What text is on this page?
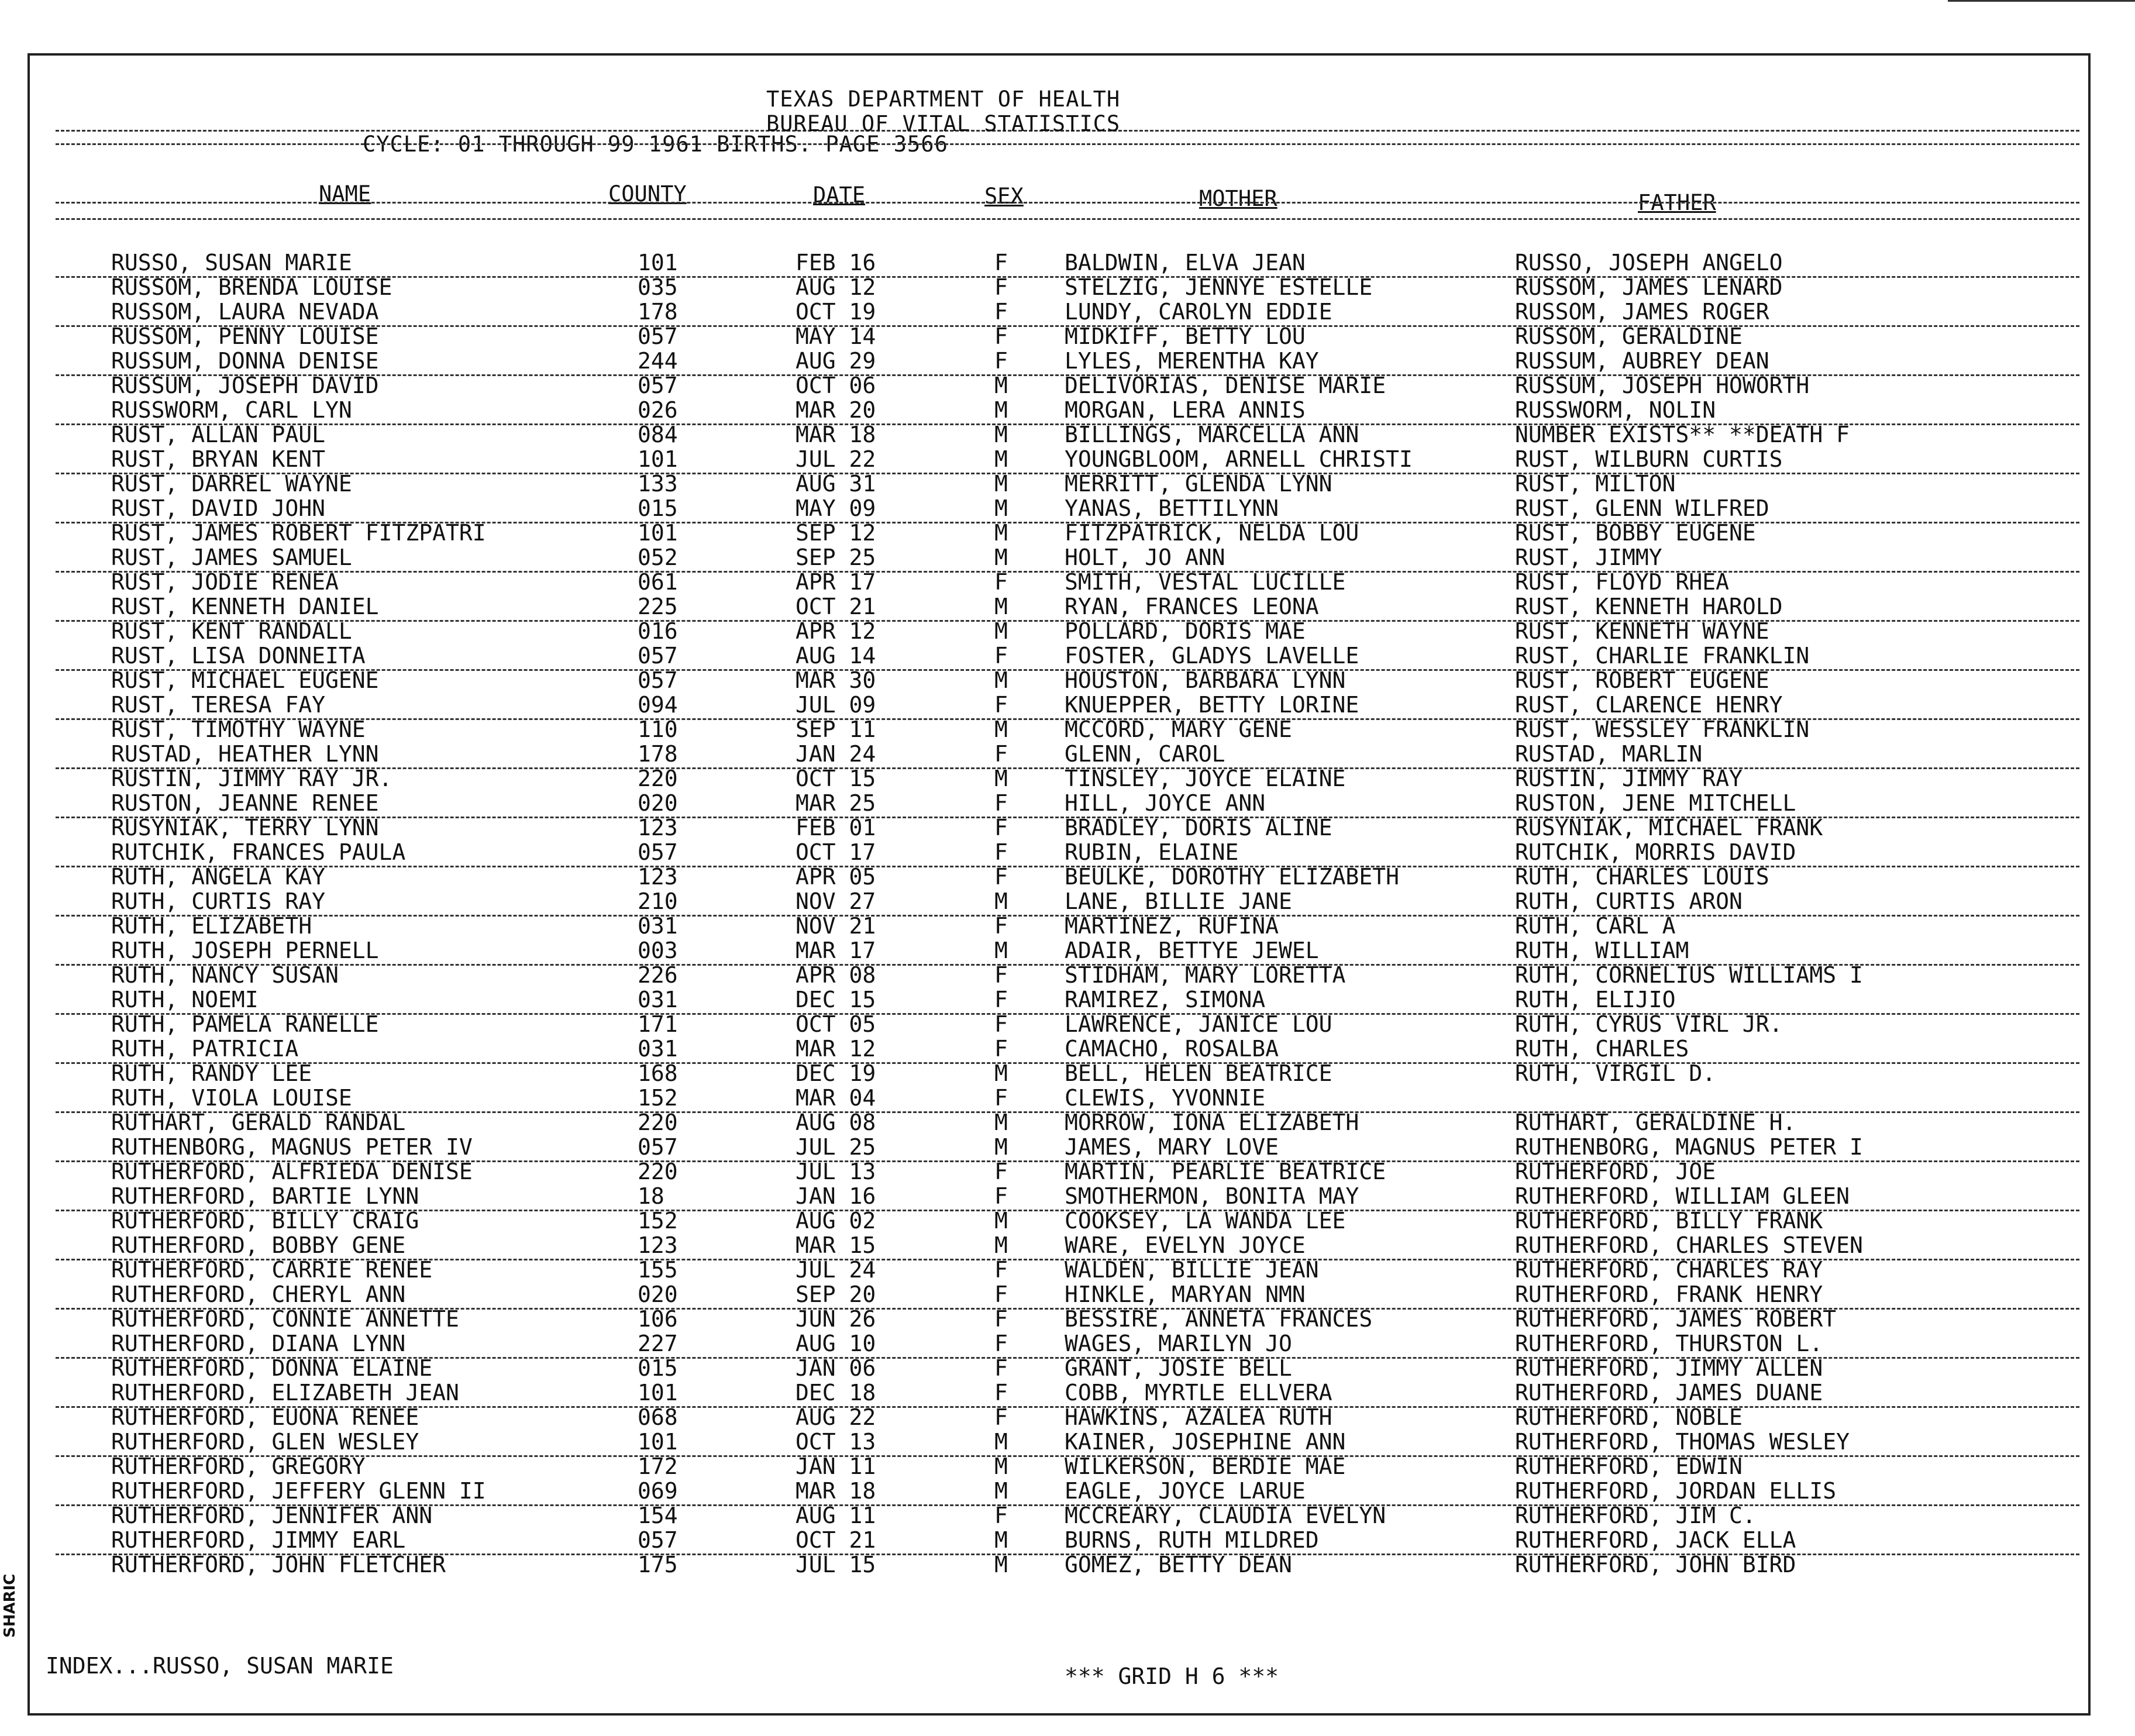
TEXAS DEPARTMENT OF HEALTH
BUREAU OF VITAL STATISTICS
CYCLE: 01 THROUGH 99 1961 BIRTHS. PAGE 3566
NAME	COUNTY	DATE	SEX	MOTHER	FATHER
RUSSO, SUSAN MARIE	101	FEB 16	F	BALDWIN, ELVA JEAN	RUSSO, JOSEPH ANGELO
RUSSOM, BRENDA LOUISE	035	AUG 12	F	STELZIG, JENNYE ESTELLE	RUSSOM, JAMES LENARD
RUSSOM, LAURA NEVADA	178	OCT 19	F	LUNDY, CAROLYN EDDIE	RUSSOM, JAMES ROGER
RUSSOM, PENNY LOUISE	057	MAY 14	F	MIDKIFF, BETTY LOU	RUSSOM, GERALDINE
RUSSUM, DONNA DENISE	244	AUG 29	F	LYLES, MERENTHA KAY	RUSSUM, AUBREY DEAN
RUSSUM, JOSEPH DAVID	057	OCT 06	M	DELIVORIAS, DENISE MARIE	RUSSUM, JOSEPH HOWORTH
RUSSWORM, CARL LYN	026	MAR 20	M	MORGAN, LERA ANNIS	RUSSWORM, NOLIN
RUST, ALLAN PAUL	084	MAR 18	M	BILLINGS, MARCELLA ANN	NUMBER EXISTS** **DEATH F
RUST, BRYAN KENT	101	JUL 22	M	YOUNGBLOOM, ARNELL CHRISTI	RUST, WILBURN CURTIS
RUST, DARREL WAYNE	133	AUG 31	M	MERRITT, GLENDA LYNN	RUST, MILTON
RUST, DAVID JOHN	015	MAY 09	M	YANAS, BETTILYNN	RUST, GLENN WILFRED
RUST, JAMES ROBERT FITZPATRI	101	SEP 12	M	FITZPATRICK, NELDA LOU	RUST, BOBBY EUGENE
RUST, JAMES SAMUEL	052	SEP 25	M	HOLT, JO ANN	RUST, JIMMY
RUST, JODIE RENEA	061	APR 17	F	SMITH, VESTAL LUCILLE	RUST, FLOYD RHEA
RUST, KENNETH DANIEL	225	OCT 21	M	RYAN, FRANCES LEONA	RUST, KENNETH HAROLD
RUST, KENT RANDALL	016	APR 12	M	POLLARD, DORIS MAE	RUST, KENNETH WAYNE
RUST, LISA DONNEITA	057	AUG 14	F	FOSTER, GLADYS LAVELLE	RUST, CHARLIE FRANKLIN
RUST, MICHAEL EUGENE	057	MAR 30	M	HOUSTON, BARBARA LYNN	RUST, ROBERT EUGENE
RUST, TERESA FAY	094	JUL 09	F	KNUEPPER, BETTY LORINE	RUST, CLARENCE HENRY
RUST, TIMOTHY WAYNE	110	SEP 11	M	MCCORD, MARY GENE	RUST, WESSLEY FRANKLIN
RUSTAD, HEATHER LYNN	178	JAN 24	F	GLENN, CAROL	RUSTAD, MARLIN
RUSTIN, JIMMY RAY JR.	220	OCT 15	M	TINSLEY, JOYCE ELAINE	RUSTIN, JIMMY RAY
RUSTON, JEANNE RENEE	020	MAR 25	F	HILL, JOYCE ANN	RUSTON, JENE MITCHELL
RUSYNIAK, TERRY LYNN	123	FEB 01	F	BRADLEY, DORIS ALINE	RUSYNIAK, MICHAEL FRANK
RUTCHIK, FRANCES PAULA	057	OCT 17	F	RUBIN, ELAINE	RUTCHIK, MORRIS DAVID
RUTH, ANGELA KAY	123	APR 05	F	BEULKE, DOROTHY ELIZABETH	RUTH, CHARLES LOUIS
RUTH, CURTIS RAY	210	NOV 27	M	LANE, BILLIE JANE	RUTH, CURTIS ARON
RUTH, ELIZABETH	031	NOV 21	F	MARTINEZ, RUFINA	RUTH, CARL A
RUTH, JOSEPH PERNELL	003	MAR 17	M	ADAIR, BETTYE JEWEL	RUTH, WILLIAM
RUTH, NANCY SUSAN	226	APR 08	F	STIDHAM, MARY LORETTA	RUTH, CORNELIUS WILLIAMS I
RUTH, NOEMI	031	DEC 15	F	RAMIREZ, SIMONA	RUTH, ELIJIO
RUTH, PAMELA RANELLE	171	OCT 05	F	LAWRENCE, JANICE LOU	RUTH, CYRUS VIRL JR.
RUTH, PATRICIA	031	MAR 12	F	CAMACHO, ROSALBA	RUTH, CHARLES
RUTH, RANDY LEE	168	DEC 19	M	BELL, HELEN BEATRICE	RUTH, VIRGIL D.
RUTH, VIOLA LOUISE	152	MAR 04	F	CLEWIS, YVONNIE
RUTHART, GERALD RANDAL	220	AUG 08	M	MORROW, IONA ELIZABETH	RUTHART, GERALDINE H.
RUTHENBORG, MAGNUS PETER IV	057	JUL 25	M	JAMES, MARY LOVE	RUTHENBORG, MAGNUS PETER I
RUTHERFORD, ALFRIEDA DENISE	220	JUL 13	F	MARTIN, PEARLIE BEATRICE	RUTHERFORD, JOE
RUTHERFORD, BARTIE LYNN	18	JAN 16	F	SMOTHERMON, BONITA MAY	RUTHERFORD, WILLIAM GLEEN
RUTHERFORD, BILLY CRAIG	152	AUG 02	M	COOKSEY, LA WANDA LEE	RUTHERFORD, BILLY FRANK
RUTHERFORD, BOBBY GENE	123	MAR 15	M	WARE, EVELYN JOYCE	RUTHERFORD, CHARLES STEVEN
RUTHERFORD, CARRIE RENEE	155	JUL 24	F	WALDEN, BILLIE JEAN	RUTHERFORD, CHARLES RAY
RUTHERFORD, CHERYL ANN	020	SEP 20	F	HINKLE, MARYAN NMN	RUTHERFORD, FRANK HENRY
RUTHERFORD, CONNIE ANNETTE	106	JUN 26	F	BESSIRE, ANNETA FRANCES	RUTHERFORD, JAMES ROBERT
RUTHERFORD, DIANA LYNN	227	AUG 10	F	WAGES, MARILYN JO	RUTHERFORD, THURSTON L.
RUTHERFORD, DONNA ELAINE	015	JAN 06	F	GRANT, JOSIE BELL	RUTHERFORD, JIMMY ALLEN
RUTHERFORD, ELIZABETH JEAN	101	DEC 18	F	COBB, MYRTLE ELLVERA	RUTHERFORD, JAMES DUANE
RUTHERFORD, EUONA RENEE	068	AUG 22	F	HAWKINS, AZALEA RUTH	RUTHERFORD, NOBLE
RUTHERFORD, GLEN WESLEY	101	OCT 13	M	KAINER, JOSEPHINE ANN	RUTHERFORD, THOMAS WESLEY
RUTHERFORD, GREGORY	172	JAN 11	M	WILKERSON, BERDIE MAE	RUTHERFORD, EDWIN
RUTHERFORD, JEFFERY GLENN II	069	MAR 18	M	EAGLE, JOYCE LARUE	RUTHERFORD, JORDAN ELLIS
RUTHERFORD, JENNIFER ANN	154	AUG 11	F	MCCREARY, CLAUDIA EVELYN	RUTHERFORD, JIM C.
RUTHERFORD, JIMMY EARL	057	OCT 21	M	BURNS, RUTH MILDRED	RUTHERFORD, JACK ELLA
RUTHERFORD, JOHN FLETCHER	175	JUL 15	M	GOMEZ, BETTY DEAN	RUTHERFORD, JOHN BIRD
INDEX...RUSSO, SUSAN MARIE	*** GRID H 6 ***
SHARIC
